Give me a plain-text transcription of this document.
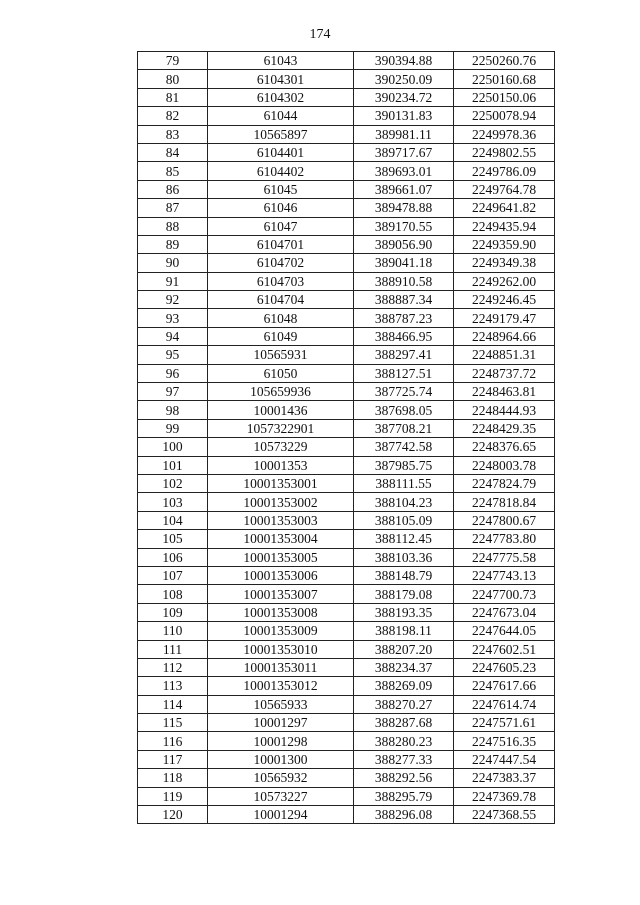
174
79	61043	390394.88	2250260.76
80	6104301	390250.09	2250160.68
81	6104302	390234.72	2250150.06
82	61044	390131.83	2250078.94
83	10565897	389981.11	2249978.36
84	6104401	389717.67	2249802.55
85	6104402	389693.01	2249786.09
86	61045	389661.07	2249764.78
87	61046	389478.88	2249641.82
88	61047	389170.55	2249435.94
89	6104701	389056.90	2249359.90
90	6104702	389041.18	2249349.38
91	6104703	388910.58	2249262.00
92	6104704	388887.34	2249246.45
93	61048	388787.23	2249179.47
94	61049	388466.95	2248964.66
95	10565931	388297.41	2248851.31
96	61050	388127.51	2248737.72
97	105659936	387725.74	2248463.81
98	10001436	387698.05	2248444.93
99	1057322901	387708.21	2248429.35
100	10573229	387742.58	2248376.65
101	10001353	387985.75	2248003.78
102	10001353001	388111.55	2247824.79
103	10001353002	388104.23	2247818.84
104	10001353003	388105.09	2247800.67
105	10001353004	388112.45	2247783.80
106	10001353005	388103.36	2247775.58
107	10001353006	388148.79	2247743.13
108	10001353007	388179.08	2247700.73
109	10001353008	388193.35	2247673.04
110	10001353009	388198.11	2247644.05
111	10001353010	388207.20	2247602.51
112	10001353011	388234.37	2247605.23
113	10001353012	388269.09	2247617.66
114	10565933	388270.27	2247614.74
115	10001297	388287.68	2247571.61
116	10001298	388280.23	2247516.35
117	10001300	388277.33	2247447.54
118	10565932	388292.56	2247383.37
119	10573227	388295.79	2247369.78
120	10001294	388296.08	2247368.55
